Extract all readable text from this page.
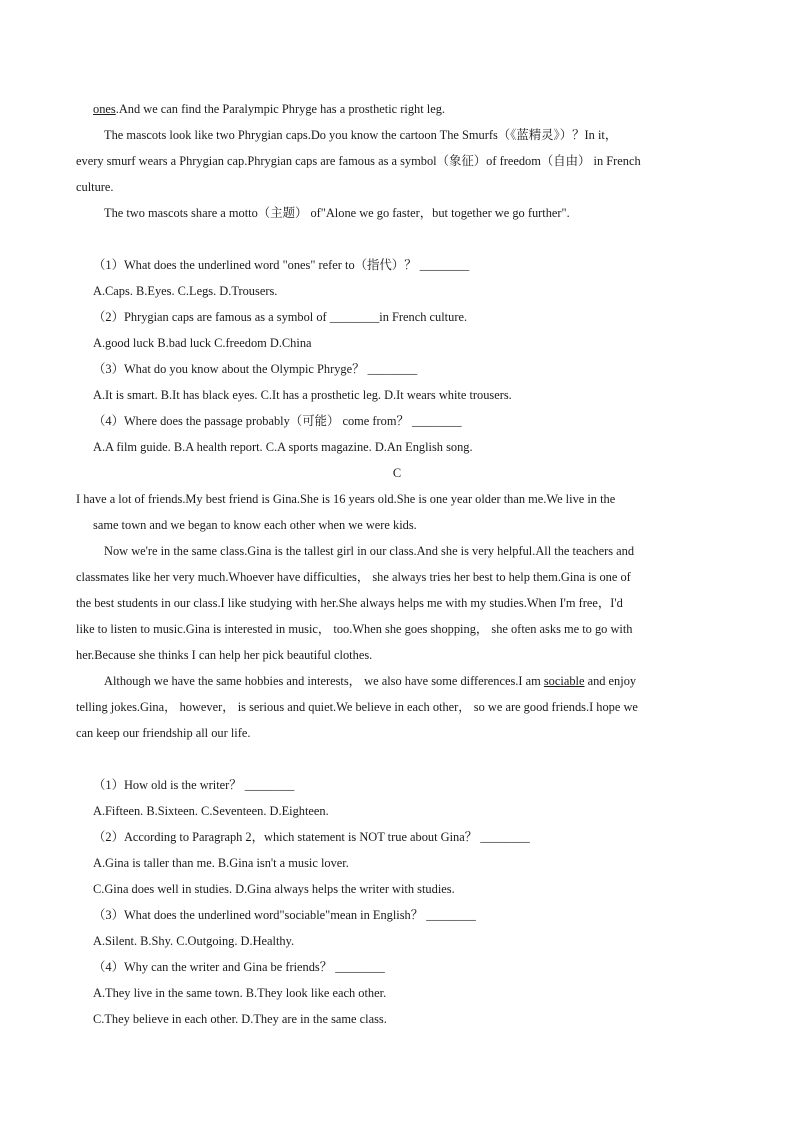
ones.And we can find the Paralympic Phryge has a prosthetic right leg.
The mascots look like two Phrygian caps.Do you know the cartoon The Smurfs（《蓝精灵》）？In it，
every smurf wears a Phrygian cap.Phrygian caps are famous as a symbol（象征）of freedom（自由） in French
culture.
The two mascots share a motto（主题） of"Alone we go faster，but together we go further".
（1）What does the underlined word "ones" refer to（指代）？ ________
A.Caps. B.Eyes. C.Legs. D.Trousers.
（2）Phrygian caps are famous as a symbol of ________in French culture.
A.good luck B.bad luck C.freedom D.China
（3）What do you know about the Olympic Phryge？ ________
A.It is smart. B.It has black eyes. C.It has a prosthetic leg. D.It wears white trousers.
（4）Where does the passage probably（可能） come from？ ________
A.A film guide. B.A health report. C.A sports magazine. D.An English song.
C
I have a lot of friends.My best friend is Gina.She is 16 years old.She is one year older than me.We live in the
same town and we began to know each other when we were kids.
Now we're in the same class.Gina is the tallest girl in our class.And she is very helpful.All the teachers and
classmates like her very much.Whoever have difficulties， she always tries her best to help them.Gina is one of
the best students in our class.I like studying with her.She always helps me with my studies.When I'm free，I'd
like to listen to music.Gina is interested in music， too.When she goes shopping， she often asks me to go with
her.Because she thinks I can help her pick beautiful clothes.
Although we have the same hobbies and interests， we also have some differences.I am sociable and enjoy
telling jokes.Gina， however， is serious and quiet.We believe in each other， so we are good friends.I hope we
can keep our friendship all our life.
（1）How old is the writer？ ________
A.Fifteen. B.Sixteen. C.Seventeen. D.Eighteen.
（2）According to Paragraph 2，which statement is NOT true about Gina？ ________
A.Gina is taller than me. B.Gina isn't a music lover.
C.Gina does well in studies. D.Gina always helps the writer with studies.
（3）What does the underlined word"sociable"mean in English？ ________
A.Silent. B.Shy. C.Outgoing. D.Healthy.
（4）Why can the writer and Gina be friends？ ________
A.They live in the same town. B.They look like each other.
C.They believe in each other. D.They are in the same class.
